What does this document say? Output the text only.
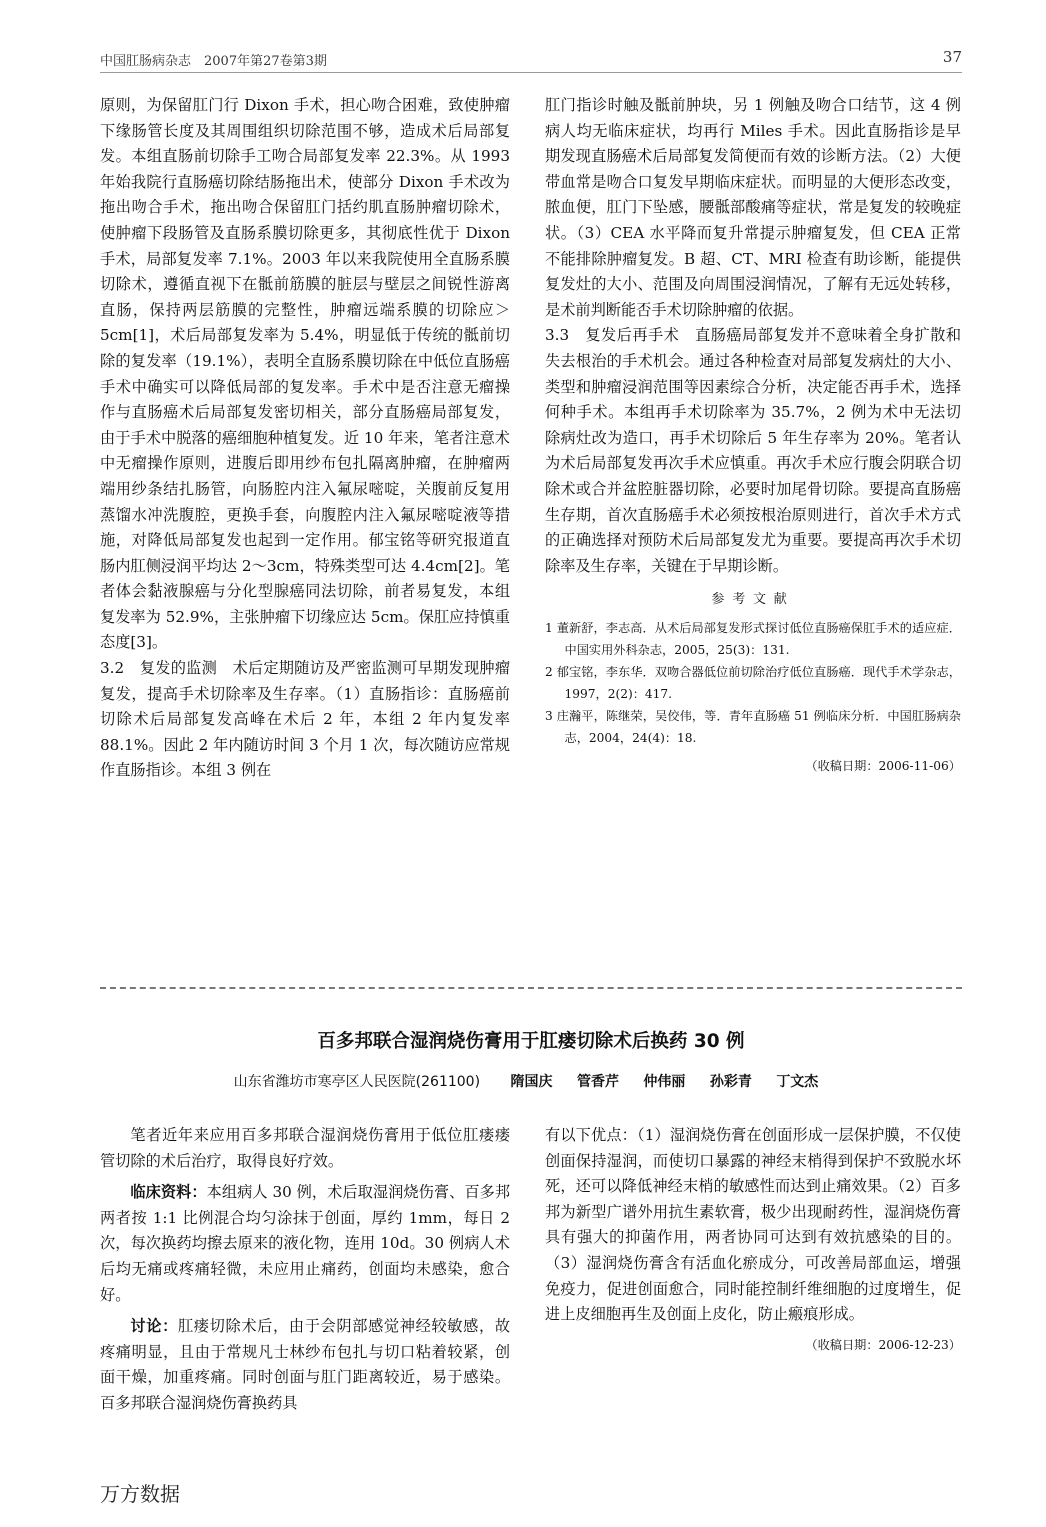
中国肛肠病杂志　2007年第27卷第3期	37

原则，为保留肛门行 Dixon 手术，担心吻合困难，致使肿瘤下缘肠管长度及其周围组织切除范围不够，造成术后局部复发。本组直肠前切除手工吻合局部复发率 22.3%。从 1993 年始我院行直肠癌切除结肠拖出术，使部分 Dixon 手术改为拖出吻合手术，拖出吻合保留肛门括约肌直肠肿瘤切除术，使肿瘤下段肠管及直肠系膜切除更多，其彻底性优于 Dixon 手术，局部复发率 7.1%。2003 年以来我院使用全直肠系膜切除术，遵循直视下在骶前筋膜的脏层与壁层之间锐性游离直肠，保持两层筋膜的完整性，肿瘤远端系膜的切除应＞5cm[1]，术后局部复发率为 5.4%，明显低于传统的骶前切除的复发率（19.1%），表明全直肠系膜切除在中低位直肠癌手术中确实可以降低局部的复发率。手术中是否注意无瘤操作与直肠癌术后局部复发密切相关，部分直肠癌局部复发，由于手术中脱落的癌细胞种植复发。近 10 年来，笔者注意术中无瘤操作原则，进腹后即用纱布包扎隔离肿瘤，在肿瘤两端用纱条结扎肠管，向肠腔内注入氟尿嘧啶，关腹前反复用蒸馏水冲洗腹腔，更换手套，向腹腔内注入氟尿嘧啶液等措施，对降低局部复发也起到一定作用。郁宝铭等研究报道直肠内肛侧浸润平均达 2～3cm，特殊类型可达 4.4cm[2]。笔者体会黏液腺癌与分化型腺癌同法切除，前者易复发，本组复发率为 52.9%，主张肿瘤下切缘应达 5cm。保肛应持慎重态度[3]。

3.2　复发的监测　术后定期随访及严密监测可早期发现肿瘤复发，提高手术切除率及生存率。（1）直肠指诊：直肠癌前切除术后局部复发高峰在术后 2 年，本组 2 年内复发率 88.1%。因此 2 年内随访时间 3 个月 1 次，每次随访应常规作直肠指诊。本组 3 例在

肛门指诊时触及骶前肿块，另 1 例触及吻合口结节，这 4 例病人均无临床症状，均再行 Miles 手术。因此直肠指诊是早期发现直肠癌术后局部复发简便而有效的诊断方法。（2）大便带血常是吻合口复发早期临床症状。而明显的大便形态改变，脓血便，肛门下坠感，腰骶部酸痛等症状，常是复发的较晚症状。（3）CEA 水平降而复升常提示肿瘤复发，但 CEA 正常不能排除肿瘤复发。B 超、CT、MRI 检查有助诊断，能提供复发灶的大小、范围及向周围浸润情况，了解有无远处转移，是术前判断能否手术切除肿瘤的依据。

3.3　复发后再手术　直肠癌局部复发并不意味着全身扩散和失去根治的手术机会。通过各种检查对局部复发病灶的大小、类型和肿瘤浸润范围等因素综合分析，决定能否再手术，选择何种手术。本组再手术切除率为 35.7%，2 例为术中无法切除病灶改为造口，再手术切除后 5 年生存率为 20%。笔者认为术后局部复发再次手术应慎重。再次手术应行腹会阴联合切除术或合并盆腔脏器切除，必要时加尾骨切除。要提高直肠癌生存期，首次直肠癌手术必须按根治原则进行，首次手术方式的正确选择对预防术后局部复发尤为重要。要提高再次手术切除率及生存率，关键在于早期诊断。

参考文献

1 董新舒，李志高．从术后局部复发形式探讨低位直肠癌保肛手术的适应症．中国实用外科杂志，2005，25(3)：131.

2 郁宝铭，李东华．双吻合器低位前切除治疗低位直肠癌．现代手术学杂志，1997，2(2)：417.

3 庄瀚平，陈继荣，吴佼伟，等．青年直肠癌 51 例临床分析．中国肛肠病杂志，2004，24(4)：18.

（收稿日期：2006-11-06）
百多邦联合湿润烧伤膏用于肛瘘切除术后换药 30 例
山东省潍坊市寒亭区人民医院(261100) 隋国庆 管香芹 仲伟丽 孙彩青 丁文杰

笔者近年来应用百多邦联合湿润烧伤膏用于低位肛瘘瘘管切除的术后治疗，取得良好疗效。

临床资料：本组病人 30 例，术后取湿润烧伤膏、百多邦两者按 1:1 比例混合均匀涂抹于创面，厚约 1mm，每日 2 次，每次换药均擦去原来的液化物，连用 10d。30 例病人术后均无痛或疼痛轻微，未应用止痛药，创面均未感染，愈合好。

讨论：肛瘘切除术后，由于会阴部感觉神经较敏感，故疼痛明显，且由于常规凡士林纱布包扎与切口粘着较紧，创面干燥，加重疼痛。同时创面与肛门距离较近，易于感染。百多邦联合湿润烧伤膏换药具

有以下优点：（1）湿润烧伤膏在创面形成一层保护膜，不仅使创面保持湿润，而使切口暴露的神经末梢得到保护不致脱水坏死，还可以降低神经末梢的敏感性而达到止痛效果。（2）百多邦为新型广谱外用抗生素软膏，极少出现耐药性，湿润烧伤膏具有强大的抑菌作用，两者协同可达到有效抗感染的目的。（3）湿润烧伤膏含有活血化瘀成分，可改善局部血运，增强免疫力，促进创面愈合，同时能控制纤维细胞的过度增生，促进上皮细胞再生及创面上皮化，防止瘢痕形成。

（收稿日期：2006-12-23）
万方数据
